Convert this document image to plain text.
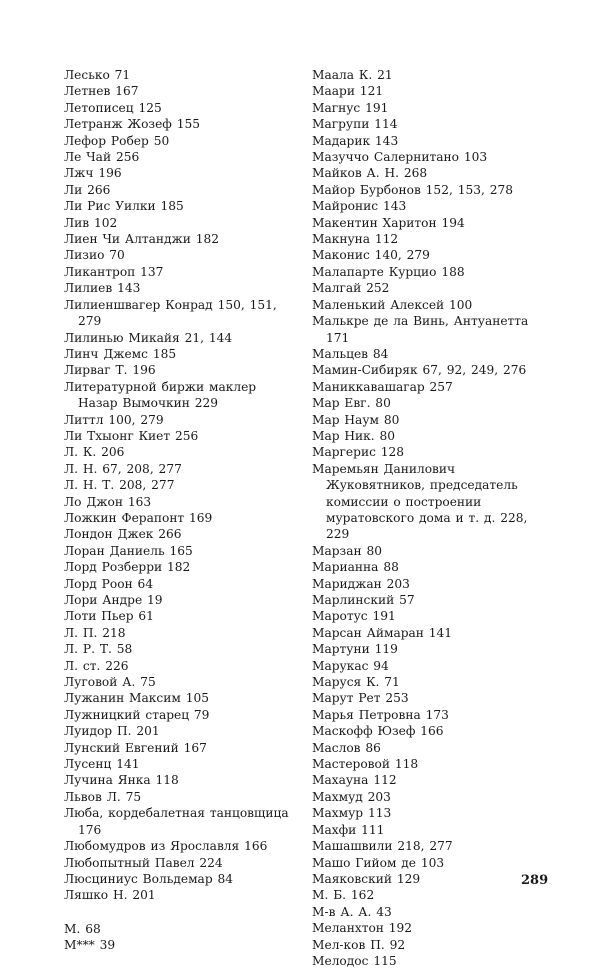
Лесько 71
Летнев 167
Летописец 125
Летранж Жозеф 155
Лефор Робер 50
Ле Чай 256
Лжч 196
Ли 266
Ли Рис Уилки 185
Лив 102
Лиен Чи Алтанджи 182
Лизио 70
Ликантроп 137
Лилиев 143
Лилиеншвагер Конрад 150, 151, 279
Лилинью Микайя 21, 144
Линч Джемс 185
Лирваг Т. 196
Литературной биржи маклер Назар Вымочкин 229
Литтл 100, 279
Ли Тхыонг Киет 256
Л. К. 206
Л. Н. 67, 208, 277
Л. Н. Т. 208, 277
Ло Джон 163
Ложкин Ферапонт 169
Лондон Джек 266
Лоран Даниель 165
Лорд Розберри 182
Лорд Роон 64
Лори Андре 19
Лоти Пьер 61
Л. П. 218
Л. Р. Т. 58
Л. ст. 226
Луговой А. 75
Лужанин Максим 105
Лужницкий старец 79
Луидор П. 201
Лунский Евгений 167
Лусенц 141
Лучина Янка 118
Львов Л. 75
Люба, кордебалетная танцовщица 176
Любомудров из Ярославля 166
Любопытный Павел 224
Люсциниус Вольдемар 84
Ляшко Н. 201
М. 68
М*** 39
Маала К. 21
Маари 121
Магнус 191
Магрупи 114
Мадарик 143
Мазуччо Салернитано 103
Майков А. Н. 268
Майор Бурбонов 152, 153, 278
Майронис 143
Макентин Харитон 194
Макнуна 112
Маконис 140, 279
Малапарте Курцио 188
Малгай 252
Маленький Алексей 100
Малькре де ла Винь, Антуанетта 171
Мальцев 84
Мамин-Сибиряк 67, 92, 249, 276
Маниккавашагар 257
Мар Евг. 80
Мар Наум 80
Мар Ник. 80
Маргерис 128
Маремьян Данилович Жуковятников, председатель комиссии о построении муратовского дома и т. д. 228, 229
Марзан 80
Марианна 88
Мариджан 203
Марлинский 57
Маротус 191
Марсан Аймаран 141
Мартуни 119
Марукас 94
Маруся К. 71
Марут Рет 253
Марья Петровна 173
Маскофф Юзеф 166
Маслов 86
Мастеровой 118
Махауна 112
Махмуд 203
Махмур 113
Махфи 111
Машашвили 218, 277
Машо Гийом де 103
Маяковский 129
М. Б. 162
М-в А. А. 43
Меланхтон 192
Мел-ков П. 92
Мелодос 115
289
